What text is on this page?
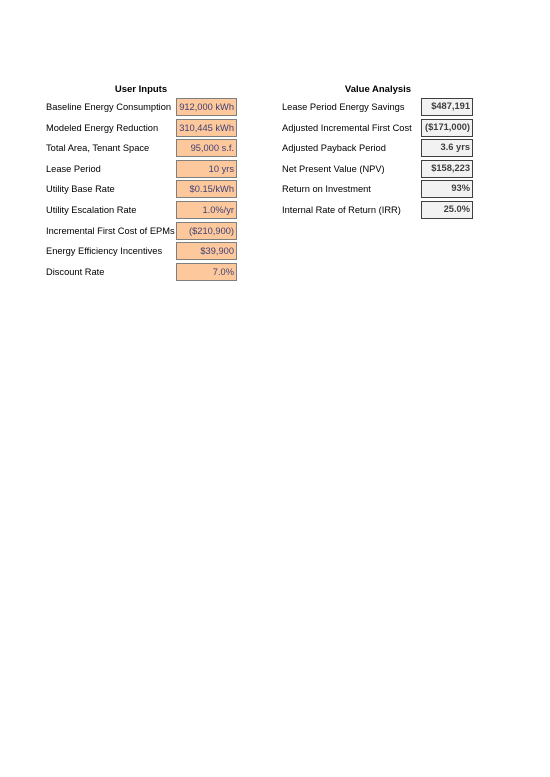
User Inputs	Value Analysis
Baseline Energy Consumption 912,000 kWh
Modeled Energy Reduction	310,445 kWh
Total Area, Tenant Space	95,000 s.f.
Lease Period	10 yrs
Utility Base Rate	$0.15/kWh
Utility Escalation Rate	1.0%/yr
Incremental First Cost of EPMs	($210,900)
Energy Efficiency Incentives	$39,900
Discount Rate	7.0%
Lease Period Energy Savings	$487,191
Adjusted Incremental First Cost	($171,000)
Adjusted Payback Period	3.6 yrs
Net Present Value (NPV)	$158,223
Return on Investment	93%
Internal Rate of Return (IRR)	25.0%
